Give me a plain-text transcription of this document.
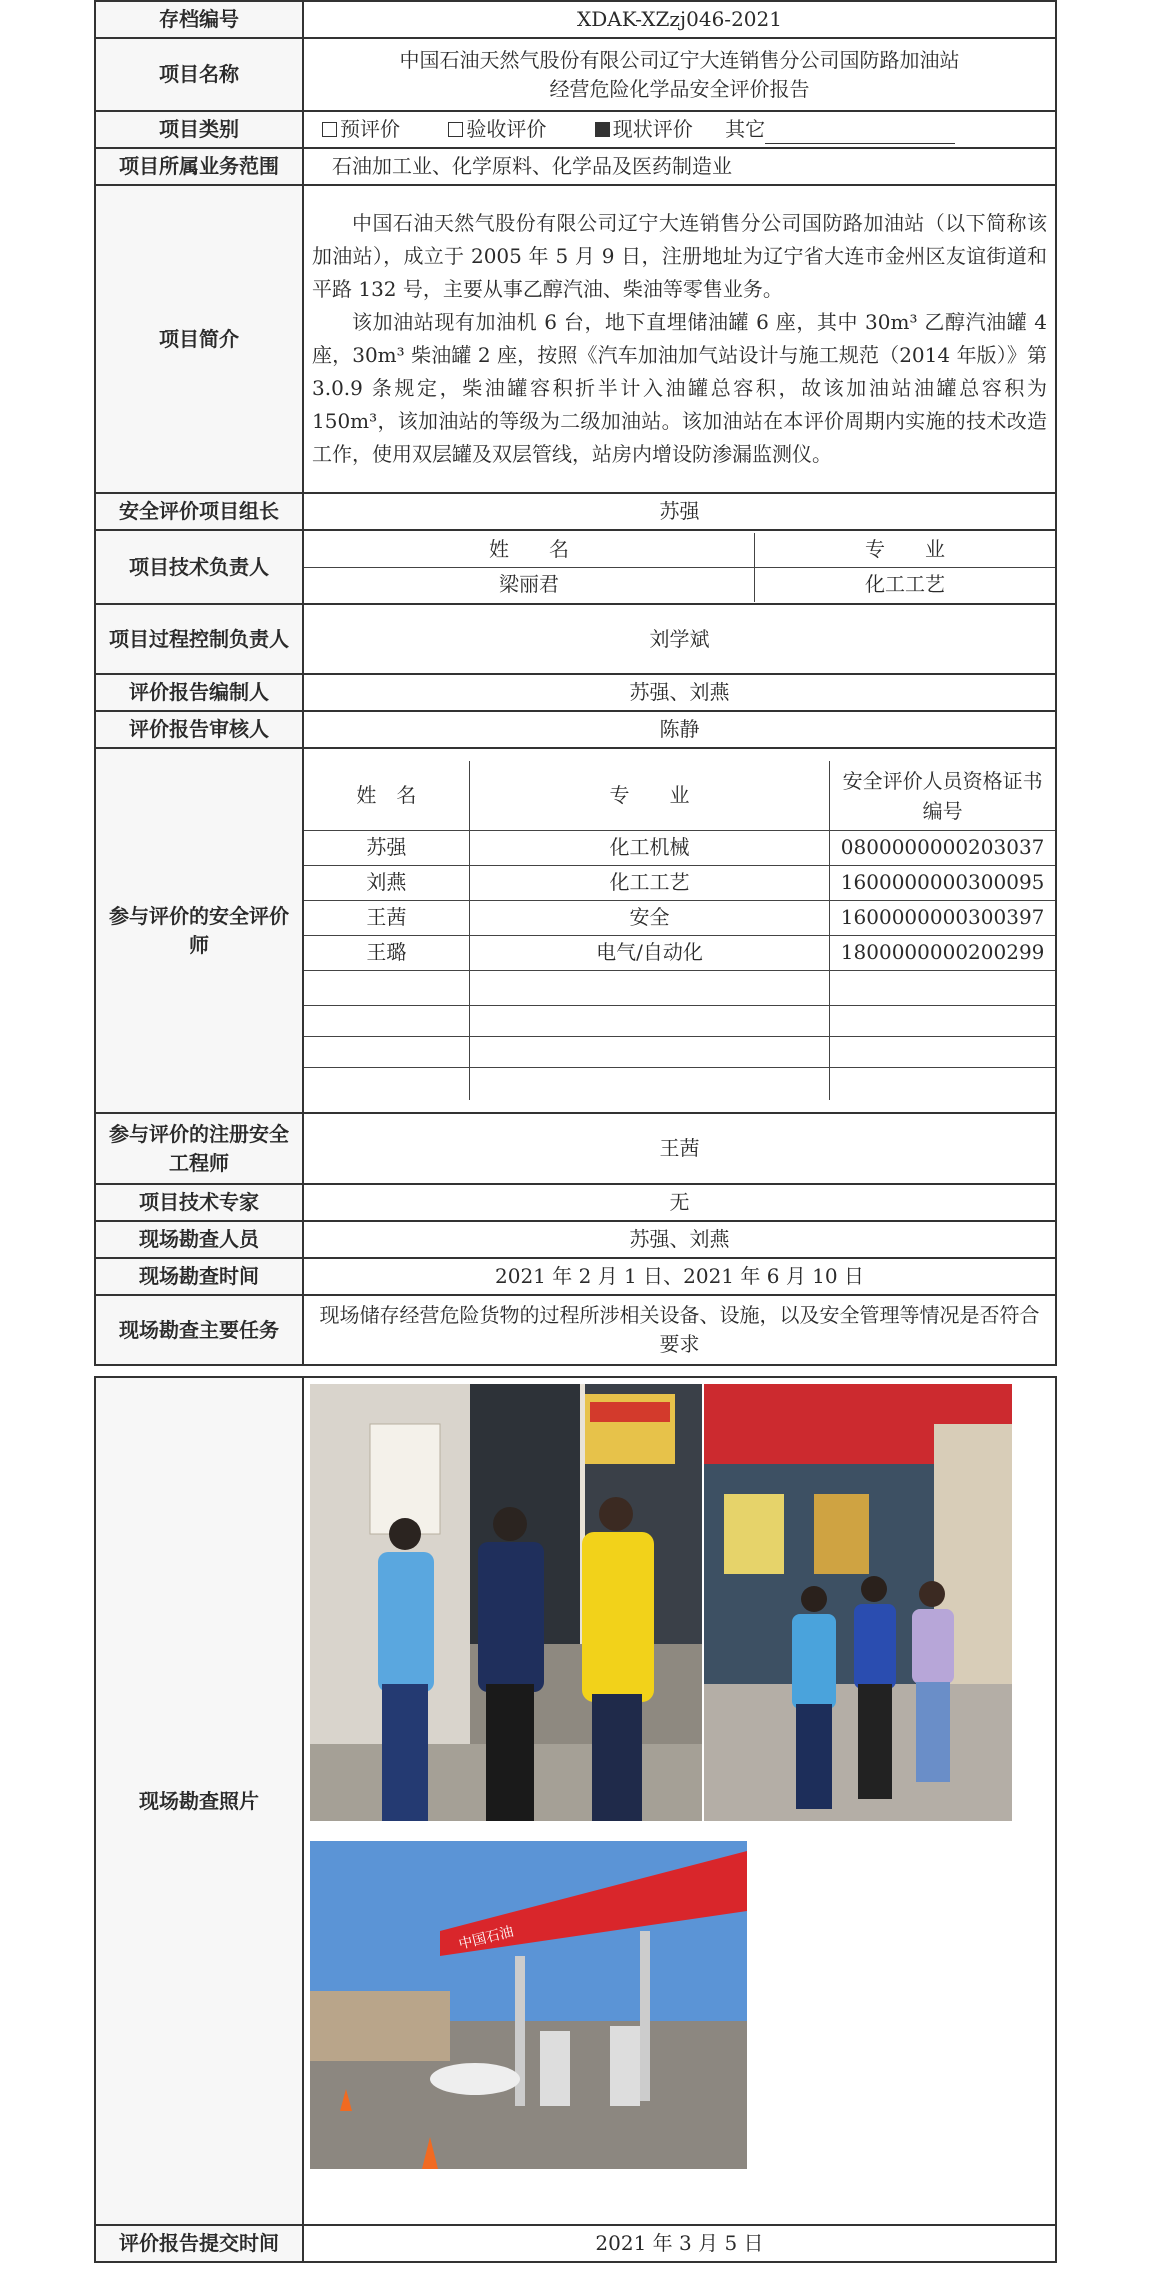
存档编号	XDAK-XZzj046-2021
项目名称	
中国石油天然气股份有限公司辽宁大连销售分公司国防路加油站
经营危险化学品安全评价报告

项目类别	预评价	验收评价	现状评价 其它
项目所属业务范围	石油加工业、化学原料、化学品及医药制造业
项目简介	

中国石油天然气股份有限公司辽宁大连销售分公司国防路加油站（以下简称该加油站），成立于 2005 年 5 月 9 日，注册地址为辽宁省大连市金州区友谊街道和平路 132 号，主要从事乙醇汽油、柴油等零售业务。

该加油站现有加油机 6 台，地下直埋储油罐 6 座，其中 30m³ 乙醇汽油罐 4 座，30m³ 柴油罐 2 座，按照《汽车加油加气站设计与施工规范（2014 年版）》第 3.0.9 条规定，柴油罐容积折半计入油罐总容积，故该加油站油罐总容积为 150m³，该加油站的等级为二级加油站。该加油站在本评价周期内实施的技术改造工作，使用双层罐及双层管线，站房内增设防渗漏监测仪。

安全评价项目组长	苏强
项目技术负责人	
姓　　名	专　　业
梁丽君	化工工艺

项目过程控制负责人	刘学斌
评价报告编制人	苏强、刘燕
评价报告审核人	陈静
参与评价的安全评价师	
姓　名	专　　业	安全评价人员资格证书编号
苏强	化工机械	0800000000203037
刘燕	化工工艺	1600000000300095
王茜	安全	1600000000300397
王璐	电气/自动化	1800000000200299

参与评价的注册安全工程师	王茜
项目技术专家	无
现场勘查人员	苏强、刘燕
现场勘查时间	2021 年 2 月 1 日、2021 年 6 月 10 日
现场勘查主要任务	现场储存经营危险货物的过程所涉相关设备、设施，以及安全管理等情况是否符合要求

现场勘查照片	
中国石油

评价报告提交时间	2021 年 3 月 5 日
